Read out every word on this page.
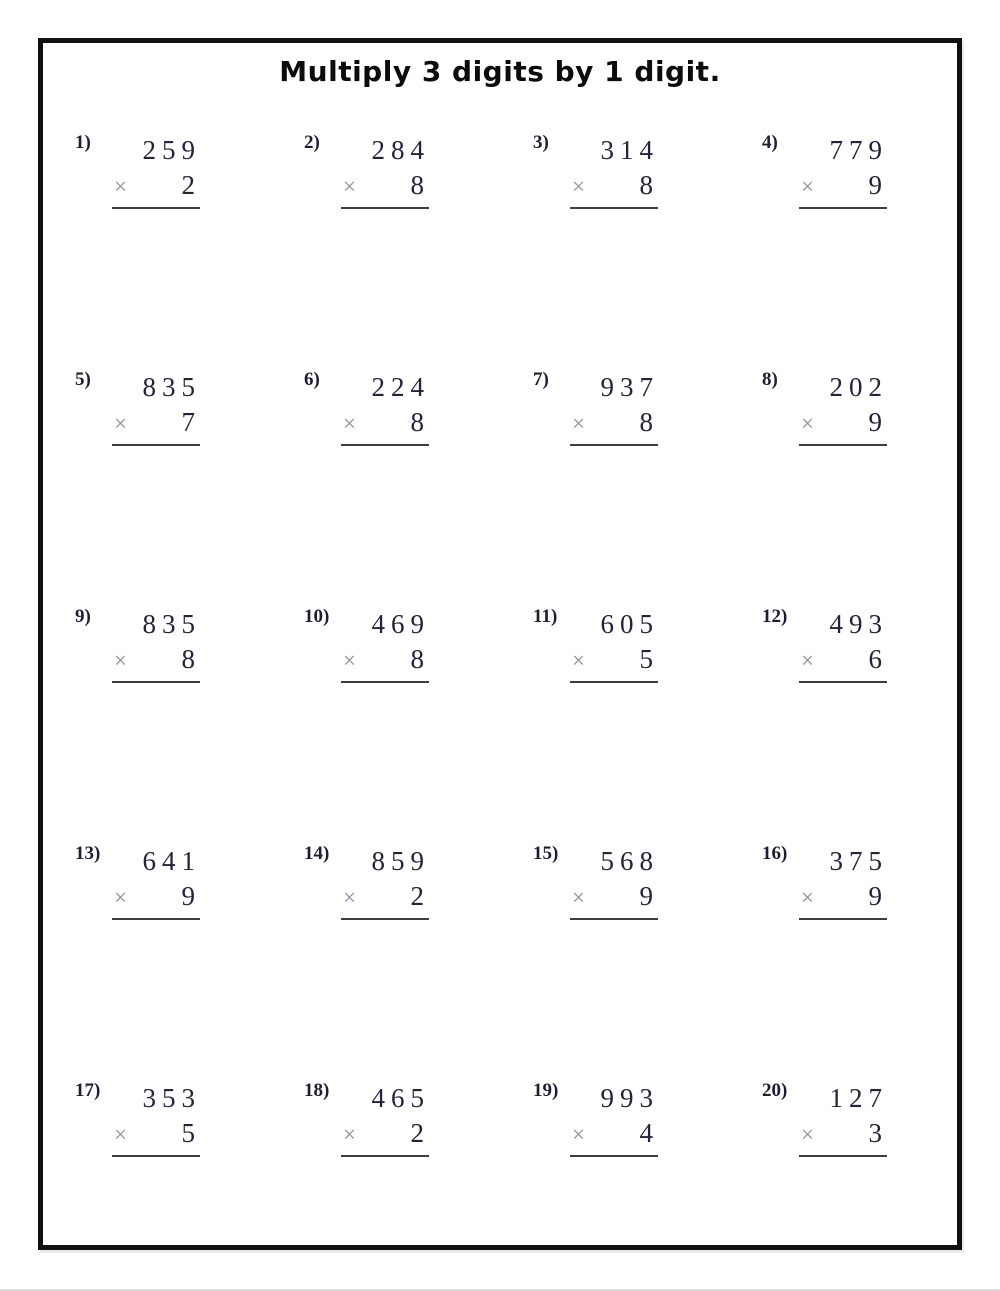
Multiply 3 digits by 1 digit.
1)	259
× 2
2)	284
× 8
3)	314
× 8
4)	779
× 9
5)	835
× 7
6)	224
× 8
7)	937
× 8
8)	202
× 9
9)	835
× 8
10)	469
× 8
11)	605
× 5
12)	493
× 6
13)	641
× 9
14)	859
× 2
15)	568
× 9
16)	375
× 9
17)	353
× 5
18)	465
× 2
19)	993
× 4
20)	127
× 3
